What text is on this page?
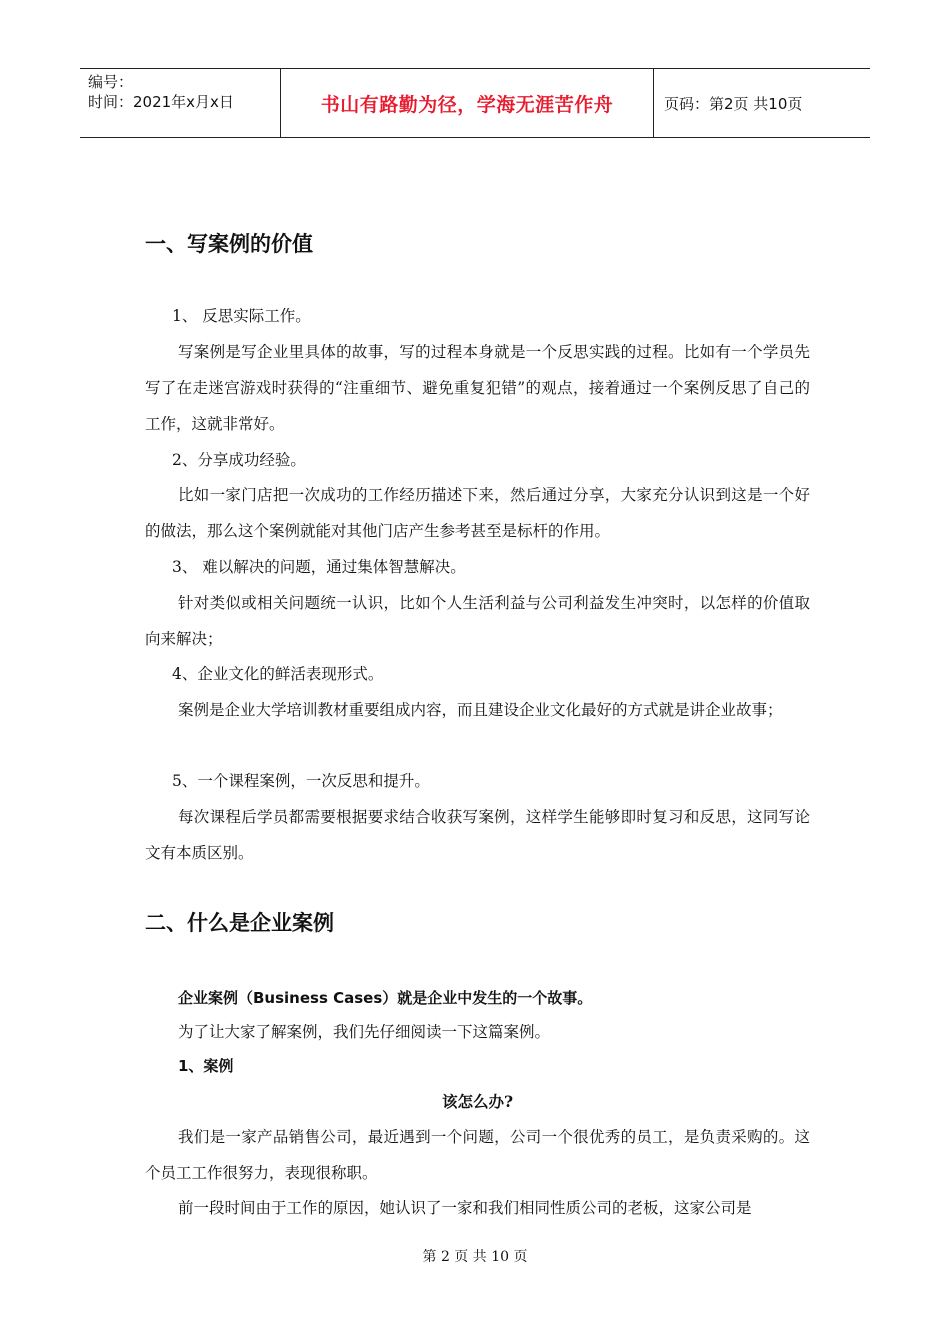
编号：
时间：2021年x月x日	书山有路勤为径，学海无涯苦作舟	页码：第2页 共10页
一、写案例的价值

1、 反思实际工作。

写案例是写企业里具体的故事，写的过程本身就是一个反思实践的过程。比如有一个学员先写了在走迷宫游戏时获得的“注重细节、避免重复犯错”的观点，接着通过一个案例反思了自己的工作，这就非常好。

2、分享成功经验。

比如一家门店把一次成功的工作经历描述下来，然后通过分享，大家充分认识到这是一个好的做法，那么这个案例就能对其他门店产生参考甚至是标杆的作用。

3、 难以解决的问题，通过集体智慧解决。

针对类似或相关问题统一认识，比如个人生活利益与公司利益发生冲突时，以怎样的价值取向来解决；

4、企业文化的鲜活表现形式。

案例是企业大学培训教材重要组成内容，而且建设企业文化最好的方式就是讲企业故事；

5、一个课程案例，一次反思和提升。

每次课程后学员都需要根据要求结合收获写案例，这样学生能够即时复习和反思，这同写论文有本质区别。

二、什么是企业案例

企业案例（Business Cases）就是企业中发生的一个故事。

为了让大家了解案例，我们先仔细阅读一下这篇案例。

1、案例

该怎么办?

我们是一家产品销售公司，最近遇到一个问题，公司一个很优秀的员工，是负责采购的。这个员工工作很努力，表现很称职。

前一段时间由于工作的原因，她认识了一家和我们相同性质公司的老板，这家公司是

第 2 页 共 10 页
